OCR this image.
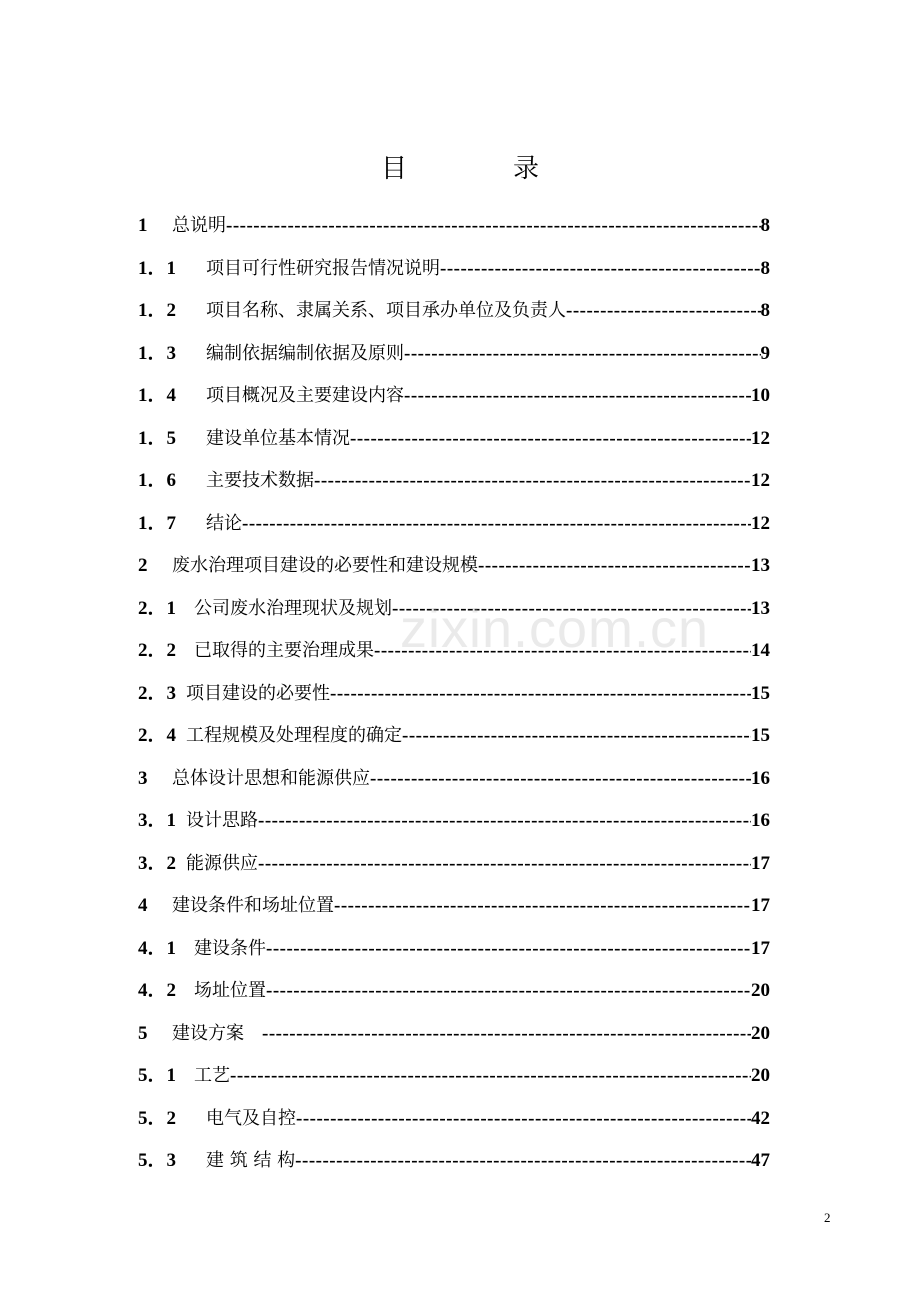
目　录
1　 总说明 -----	8
1．1　 项目可行性研究报告情况说明 -----	8
1．2　 项目名称、隶属关系、项目承办单位及负责人 -----	8
1．3　 编制依据编制依据及原则 -----	9
1．4　 项目概况及主要建设内容 -----	10
1．5　 建设单位基本情况 -----	12
1．6　 主要技术数据 -----	12
1．7　 结论 -----	12
2　 废水治理项目建设的必要性和建设规模 -----	13
2．1 公司废水治理现状及规划 -----	13
2．2 已取得的主要治理成果 -----	14
2．3 项目建设的必要性 -----	15
2．4 工程规模及处理程度的确定 -----	15
3　 总体设计思想和能源供应 -----	16
3．1 设计思路 -----	16
3．2 能源供应 -----	17
4　 建设条件和场址位置 -----	17
4．1 建设条件 -----	17
4．2 场址位置 -----	20
5　 建设方案　 -----	20
5．1 工艺 -----	20
5．2　 电气及自控 -----	42
5．3　 建 筑 结 构 -----	47
zixin.com.cn
2
